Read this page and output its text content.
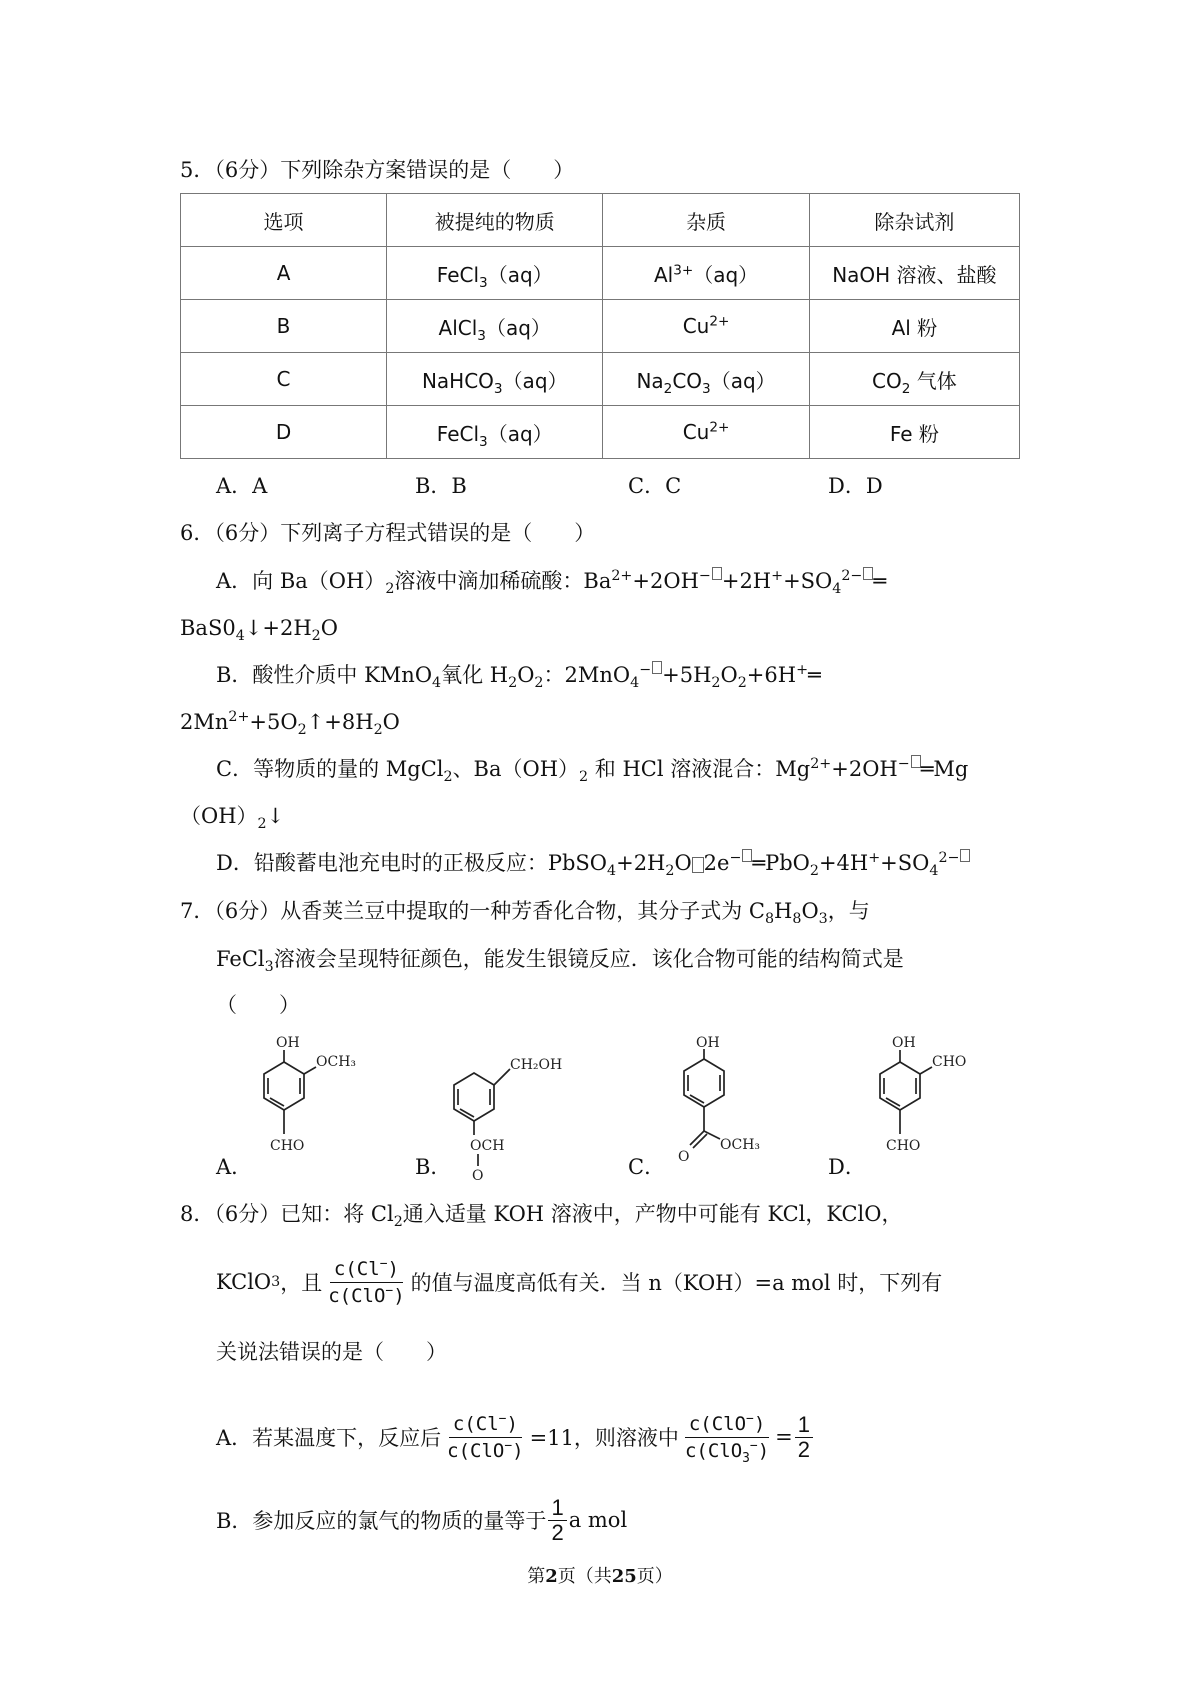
5．（6分）下列除杂方案错误的是（　　）
选项	被提纯的物质	杂质	除杂试剂
A	FeCl$_3$（aq）	$Al^{3+}(aq)$	NaOH 溶液、盐酸
B	AlCl$_3$（aq）	$Cu^{2+}$	Al 粉
C	NaHCO$_3$（aq）	$Na_2CO_3(aq)$	$CO_2$ 气体
D	FeCl$_3$（aq）	$Cu^{2+}$	Fe 粉
A．A	B．B	C．C	D．D
6．（6分）下列离子方程式错误的是（　　）
A．向 $Ba(OH)_2$溶液中滴加稀硫酸：$Ba^{2+}+2OH^- +2H^++SO_4^{2-}$ ═
$BaS0_4↓+2H_2O$
B．酸性介质中 KMnO$_4$氧化 $H_2O_2$：$2MnO_4^- +5H_2O_2+6H^+═$
$2Mn^{2+}+5O_2↑+8H_2O$
C．等物质的量的 MgCl$_2$、$Ba(OH)_2$ 和 HCl 溶液混合：$Mg^{2+}+2OH^-$ ═Mg
$(OH)_2↓$
D．铅酸蓄电池充电时的正极反应：$PbSO_4+2H_2O$ 2e− $═PbO_2+4H^++SO_4^{2-}$
7．（6分）从香荚兰豆中提取的一种芳香化合物，其分子式为 $C_8H_8O_3$，与
FeCl$_3$溶液会呈现特征颜色，能发生银镜反应．该化合物可能的结构简式是
（　　）
A．	B．	C．	D．
OH
OCH₃
CHO
CH₂OH
OCH
O
OH
OCH₃
O
OH
CHO
CHO
8．（6分）已知：将 $Cl_2$通入适量 KOH 溶液中，产物中可能有 KCl，KClO，
KClO 3 ，且 $\frac{c(Cl^-)}{c(ClO^-)}$ 的值与温度高低有关．当 n（KOH）=a mol 时，下列有
关说法错误的是（　　）
A．若某温度下，反应后 $\frac{c(Cl^-)}{c(ClO^-)} =11$，则溶液中 $\frac{c(ClO^-)}{c(ClO_3^-)} = \frac{1}{2}$
B．参加反应的氯气的物质的量等于 $\frac{1}{2}$ a mol
第2页（共25页）
